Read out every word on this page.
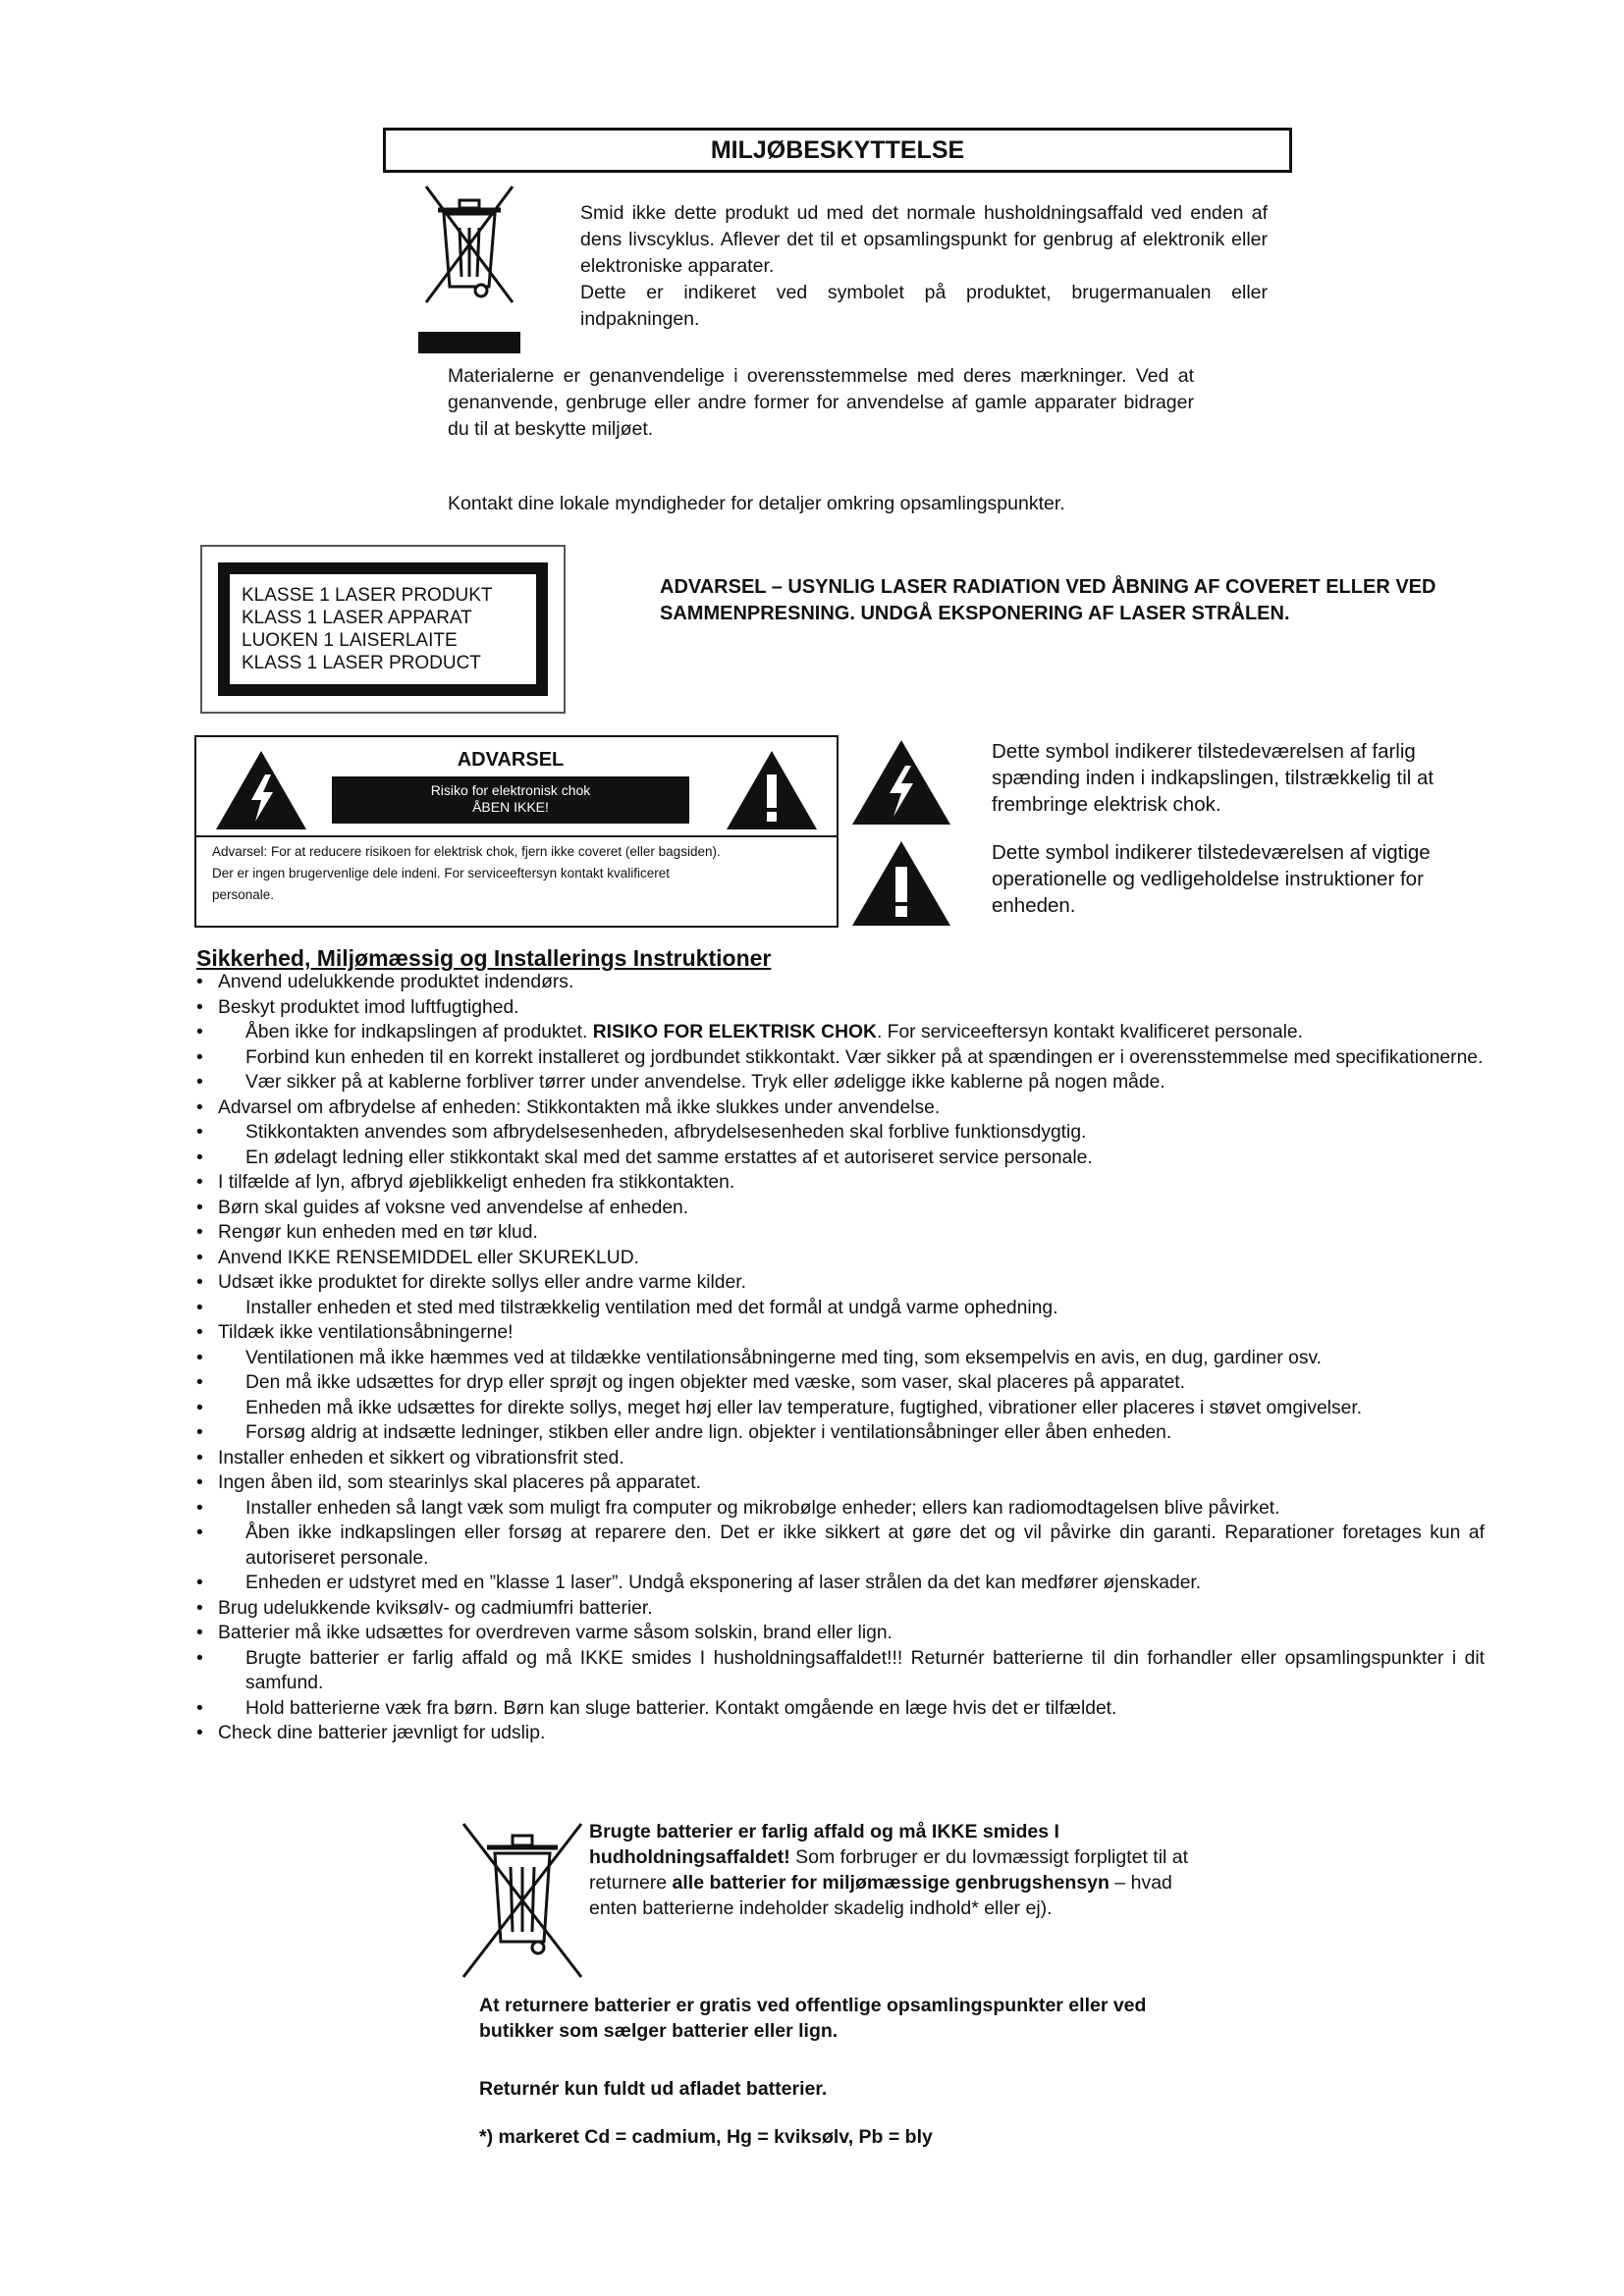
MILJØBESKYTTELSE

Smid ikke dette produkt ud med det normale husholdningsaffald ved enden af dens livscyklus. Aflever det til et opsamlingspunkt for genbrug af elektronik eller elektroniske apparater.

Dette er indikeret ved symbolet på produktet, brugermanualen eller indpakningen.

Materialerne er genanvendelige i overensstemmelse med deres mærkninger. Ved at genanvende, genbruge eller andre former for anvendelse af gamle apparater bidrager du til at beskytte miljøet.
Kontakt dine lokale myndigheder for detaljer omkring opsamlingspunkter.
KLASSE 1 LASER PRODUKT
KLASS 1 LASER APPARAT
LUOKEN 1 LAISERLAITE
KLASS 1 LASER PRODUCT
ADVARSEL – USYNLIG LASER RADIATION VED ÅBNING AF COVERET ELLER VED SAMMENPRESNING. UNDGÅ EKSPONERING AF LASER STRÅLEN.
ADVARSEL
Risiko for elektronisk chok
ÅBEN IKKE!
Advarsel: For at reducere risikoen for elektrisk chok, fjern ikke coveret (eller bagsiden).
Der er ingen brugervenlige dele indeni. For serviceeftersyn kontakt kvalificeret
personale.
Dette symbol indikerer tilstedeværelsen af farlig spænding inden i indkapslingen, tilstrækkelig til at frembringe elektrisk chok.
Dette symbol indikerer tilstedeværelsen af vigtige operationelle og vedligeholdelse instruktioner for enheden.
Sikkerhed, Miljømæssig og Installerings Instruktioner
• Anvend udelukkende produktet indendørs.
• Beskyt produktet imod luftfugtighed.
• Åben ikke for indkapslingen af produktet. RISIKO FOR ELEKTRISK CHOK. For serviceeftersyn kontakt kvalificeret personale.
• Forbind kun enheden til en korrekt installeret og jordbundet stikkontakt. Vær sikker på at spændingen er i overensstemmelse med specifikationerne.
• Vær sikker på at kablerne forbliver tørrer under anvendelse. Tryk eller ødeligge ikke kablerne på nogen måde.
• Advarsel om afbrydelse af enheden: Stikkontakten må ikke slukkes under anvendelse.
• Stikkontakten anvendes som afbrydelsesenheden, afbrydelsesenheden skal forblive funktionsdygtig.
• En ødelagt ledning eller stikkontakt skal med det samme erstattes af et autoriseret service personale.
• I tilfælde af lyn, afbryd øjeblikkeligt enheden fra stikkontakten.
• Børn skal guides af voksne ved anvendelse af enheden.
• Rengør kun enheden med en tør klud.
• Anvend IKKE RENSEMIDDEL eller SKUREKLUD.
• Udsæt ikke produktet for direkte sollys eller andre varme kilder.
• Installer enheden et sted med tilstrækkelig ventilation med det formål at undgå varme ophedning.
• Tildæk ikke ventilationsåbningerne!
• Ventilationen må ikke hæmmes ved at tildække ventilationsåbningerne med ting, som eksempelvis en avis, en dug, gardiner osv.
• Den må ikke udsættes for dryp eller sprøjt og ingen objekter med væske, som vaser, skal placeres på apparatet.
• Enheden må ikke udsættes for direkte sollys, meget høj eller lav temperature, fugtighed, vibrationer eller placeres i støvet omgivelser.
• Forsøg aldrig at indsætte ledninger, stikben eller andre lign. objekter i ventilationsåbninger eller åben enheden.
• Installer enheden et sikkert og vibrationsfrit sted.
• Ingen åben ild, som stearinlys skal placeres på apparatet.
• Installer enheden så langt væk som muligt fra computer og mikrobølge enheder; ellers kan radiomodtagelsen blive påvirket.
• Åben ikke indkapslingen eller forsøg at reparere den. Det er ikke sikkert at gøre det og vil påvirke din garanti. Reparationer foretages kun af autoriseret personale.
• Enheden er udstyret med en ”klasse 1 laser”. Undgå eksponering af laser strålen da det kan medfører øjenskader.
• Brug udelukkende kviksølv- og cadmiumfri batterier.
• Batterier må ikke udsættes for overdreven varme såsom solskin, brand eller lign.
• Brugte batterier er farlig affald og må IKKE smides I husholdningsaffaldet!!! Returnér batterierne til din forhandler eller opsamlingspunkter i dit samfund.
• Hold batterierne væk fra børn. Børn kan sluge batterier. Kontakt omgående en læge hvis det er tilfældet.
• Check dine batterier jævnligt for udslip.
Brugte batterier er farlig affald og må IKKE smides I hudholdningsaffaldet! Som forbruger er du lovmæssigt forpligtet til at returnere alle batterier for miljømæssige genbrugshensyn – hvad enten batterierne indeholder skadelig indhold* eller ej).
At returnere batterier er gratis ved offentlige opsamlingspunkter eller ved butikker som sælger batterier eller lign.
Returnér kun fuldt ud afladet batterier.
*) markeret Cd = cadmium, Hg = kviksølv, Pb = bly
